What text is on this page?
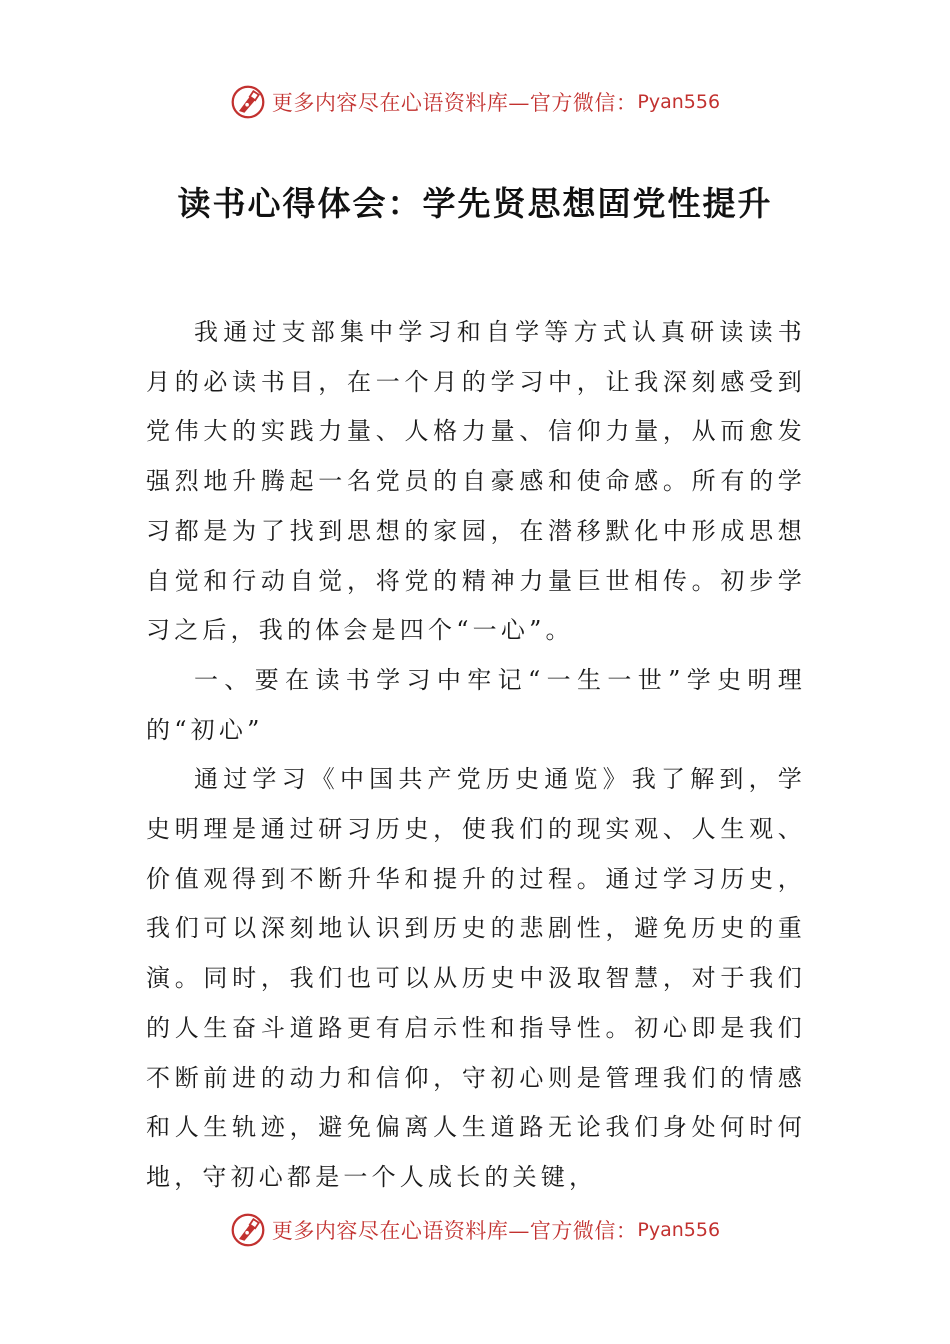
更多内容尽在心语资料库—官方微信： Pyan556
读书心得体会：学先贤思想固党性提升

我通过支部集中学习和自学等方式认真研读读书月的必读书目，在一个月的学习中，让我深刻感受到党伟大的实践力量、人格力量、信仰力量，从而愈发强烈地升腾起一名党员的自豪感和使命感。所有的学习都是为了找到思想的家园，在潜移默化中形成思想自觉和行动自觉，将党的精神力量巨世相传。初步学习之后，我的体会是四个“一心”。

一、要在读书学习中牢记“一生一世”学史明理的“初心”

通过学习《中国共产党历史通览》我了解到，学史明理是通过研习历史，使我们的现实观、人生观、价值观得到不断升华和提升的过程。通过学习历史，我们可以深刻地认识到历史的悲剧性，避免历史的重演。同时，我们也可以从历史中汲取智慧，对于我们的人生奋斗道路更有启示性和指导性。初心即是我们不断前进的动力和信仰，守初心则是管理我们的情感和人生轨迹，避免偏离人生道路无论我们身处何时何地，守初心都是一个人成长的关键，

更多内容尽在心语资料库—官方微信： Pyan556
